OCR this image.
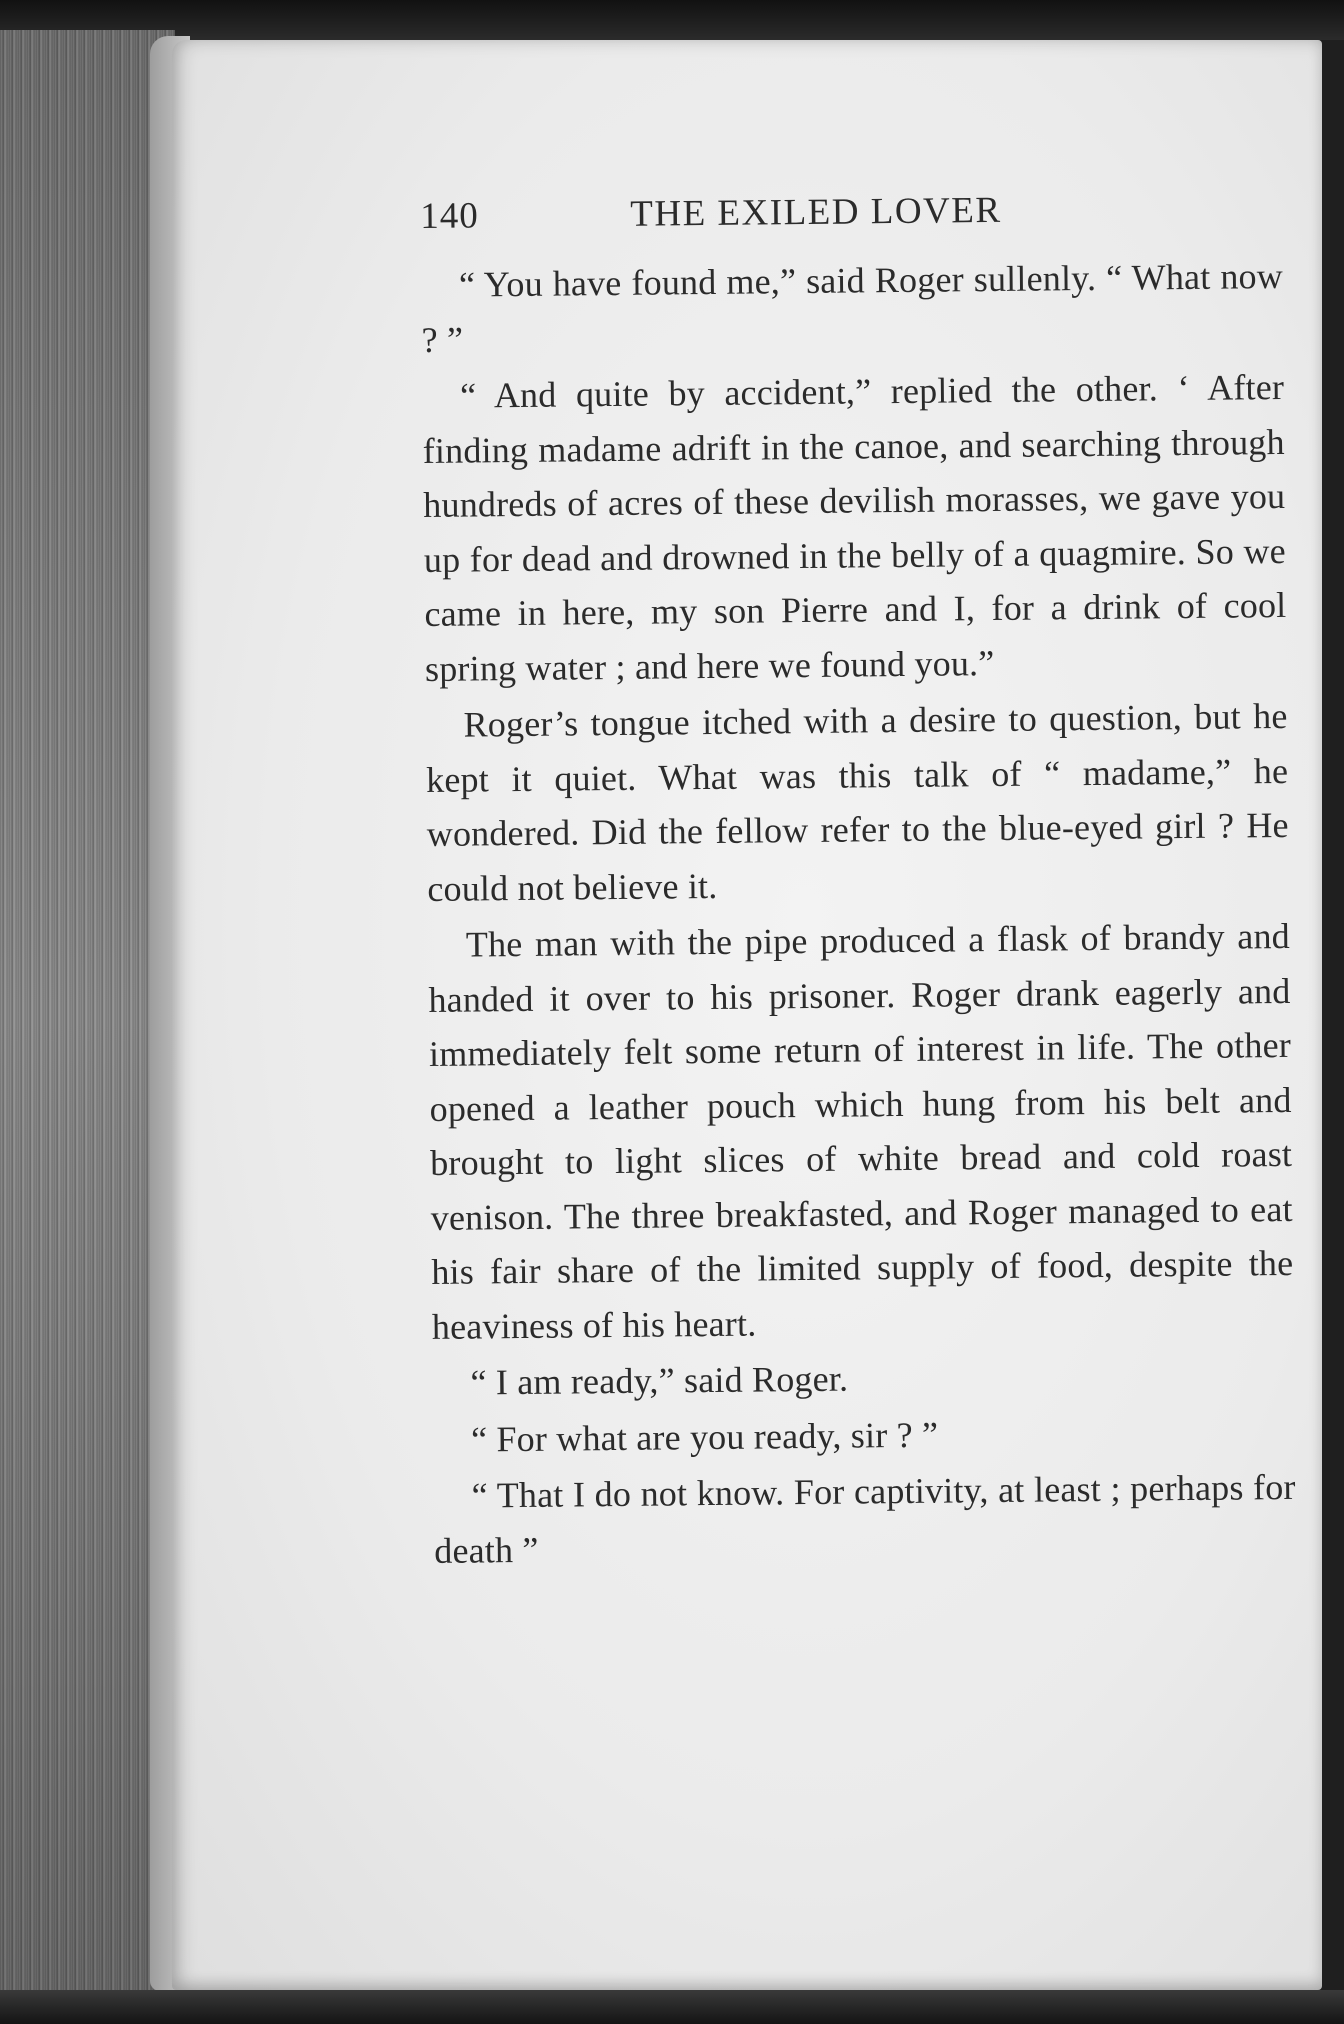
140	THE EXILED LOVER

“ You have found me,” said Roger sullenly. “ What now ? ”

“ And quite by accident,” replied the other. ‘ After finding madame adrift in the canoe, and searching through hundreds of acres of these devilish morasses, we gave you up for dead and drowned in the belly of a quagmire. So we came in here, my son Pierre and I, for a drink of cool spring water ; and here we found you.”

Roger’s tongue itched with a desire to question, but he kept it quiet. What was this talk of “ madame,” he wondered. Did the fellow refer to the blue-eyed girl ? He could not believe it.

The man with the pipe produced a flask of brandy and handed it over to his prisoner. Roger drank eagerly and immediately felt some return of interest in life. The other opened a leather pouch which hung from his belt and brought to light slices of white bread and cold roast venison. The three breakfasted, and Roger managed to eat his fair share of the limited supply of food, despite the heaviness of his heart.

“ I am ready,” said Roger.

“ For what are you ready, sir ? ”

“ That I do not know. For captivity, at least ; perhaps for death ”
